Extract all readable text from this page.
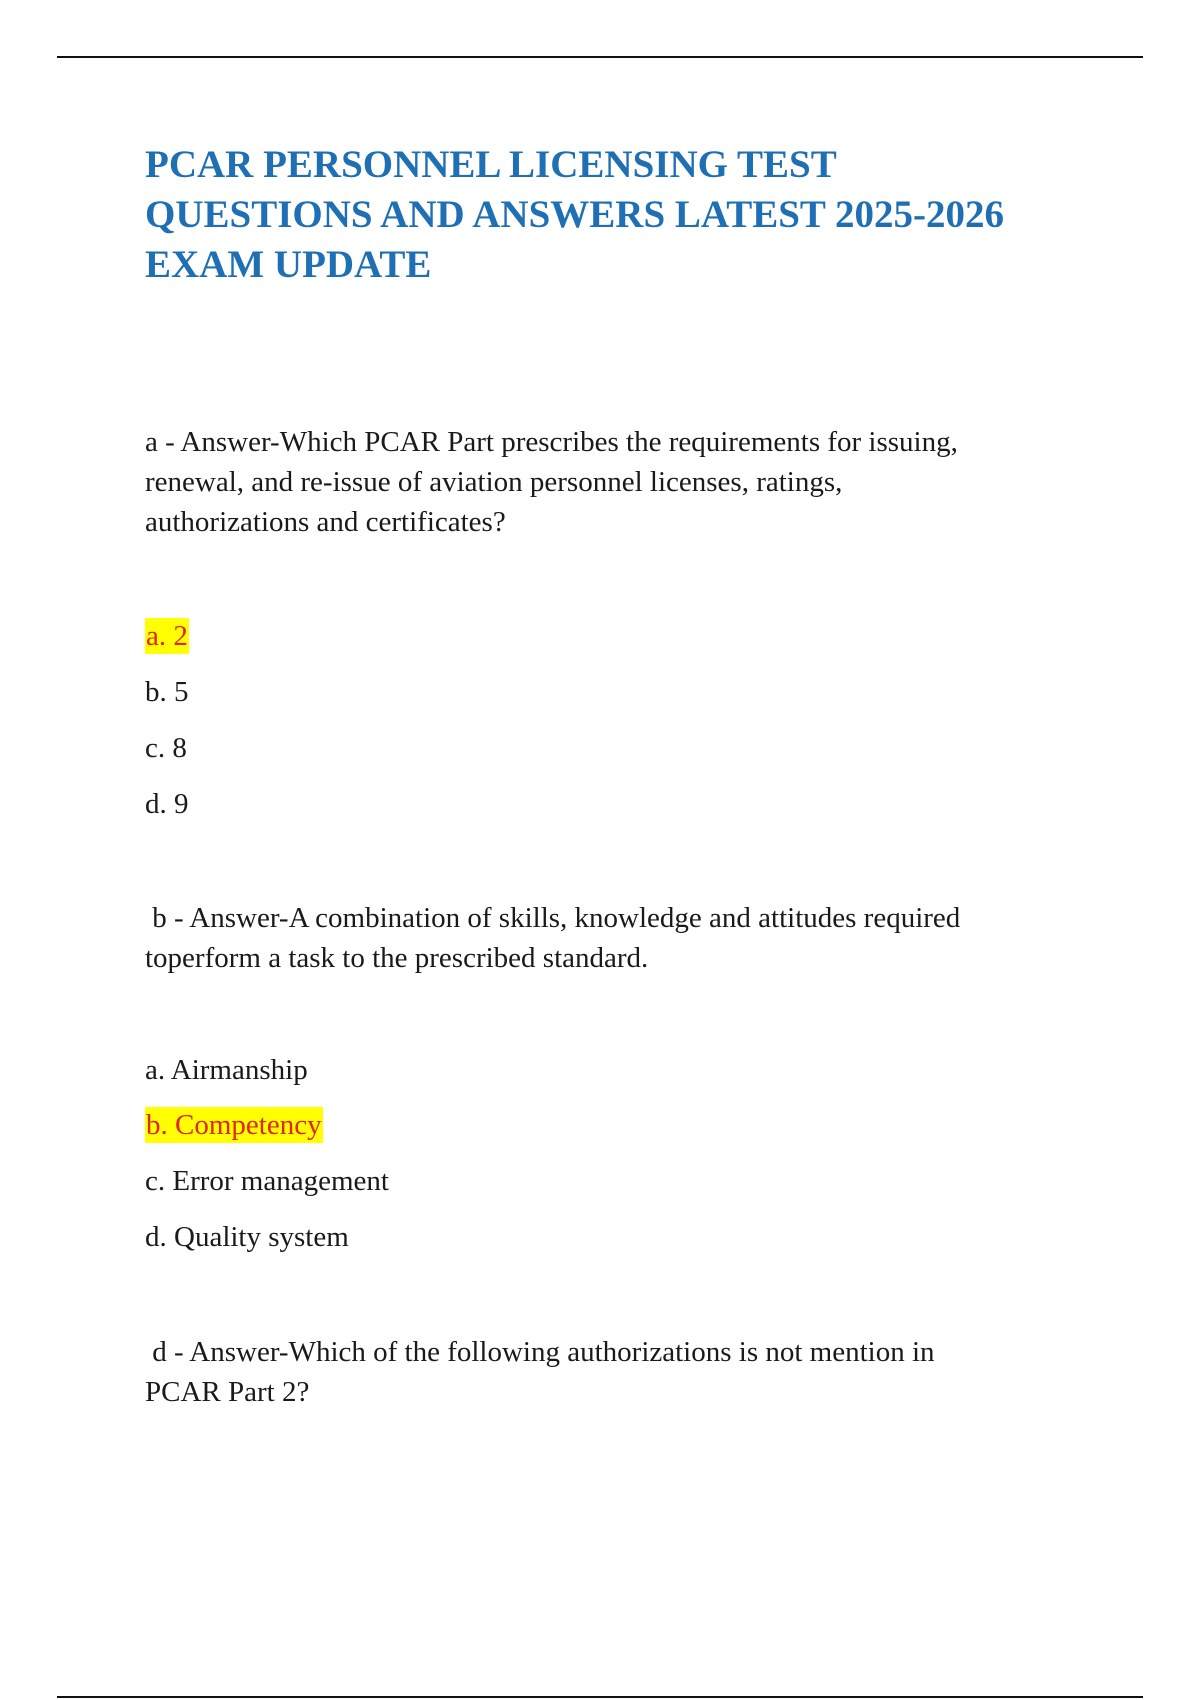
PCAR PERSONNEL LICENSING TEST
QUESTIONS AND ANSWERS LATEST 2025-2026
EXAM UPDATE
a - Answer-Which PCAR Part prescribes the requirements for issuing,
renewal, and re-issue of aviation personnel licenses, ratings,
authorizations and certificates?
a. 2
b. 5
c. 8
d. 9
b - Answer-A combination of skills, knowledge and attitudes required
toperform a task to the prescribed standard.
a. Airmanship
b. Competency
c. Error management
d. Quality system
d - Answer-Which of the following authorizations is not mention in
PCAR Part 2?
